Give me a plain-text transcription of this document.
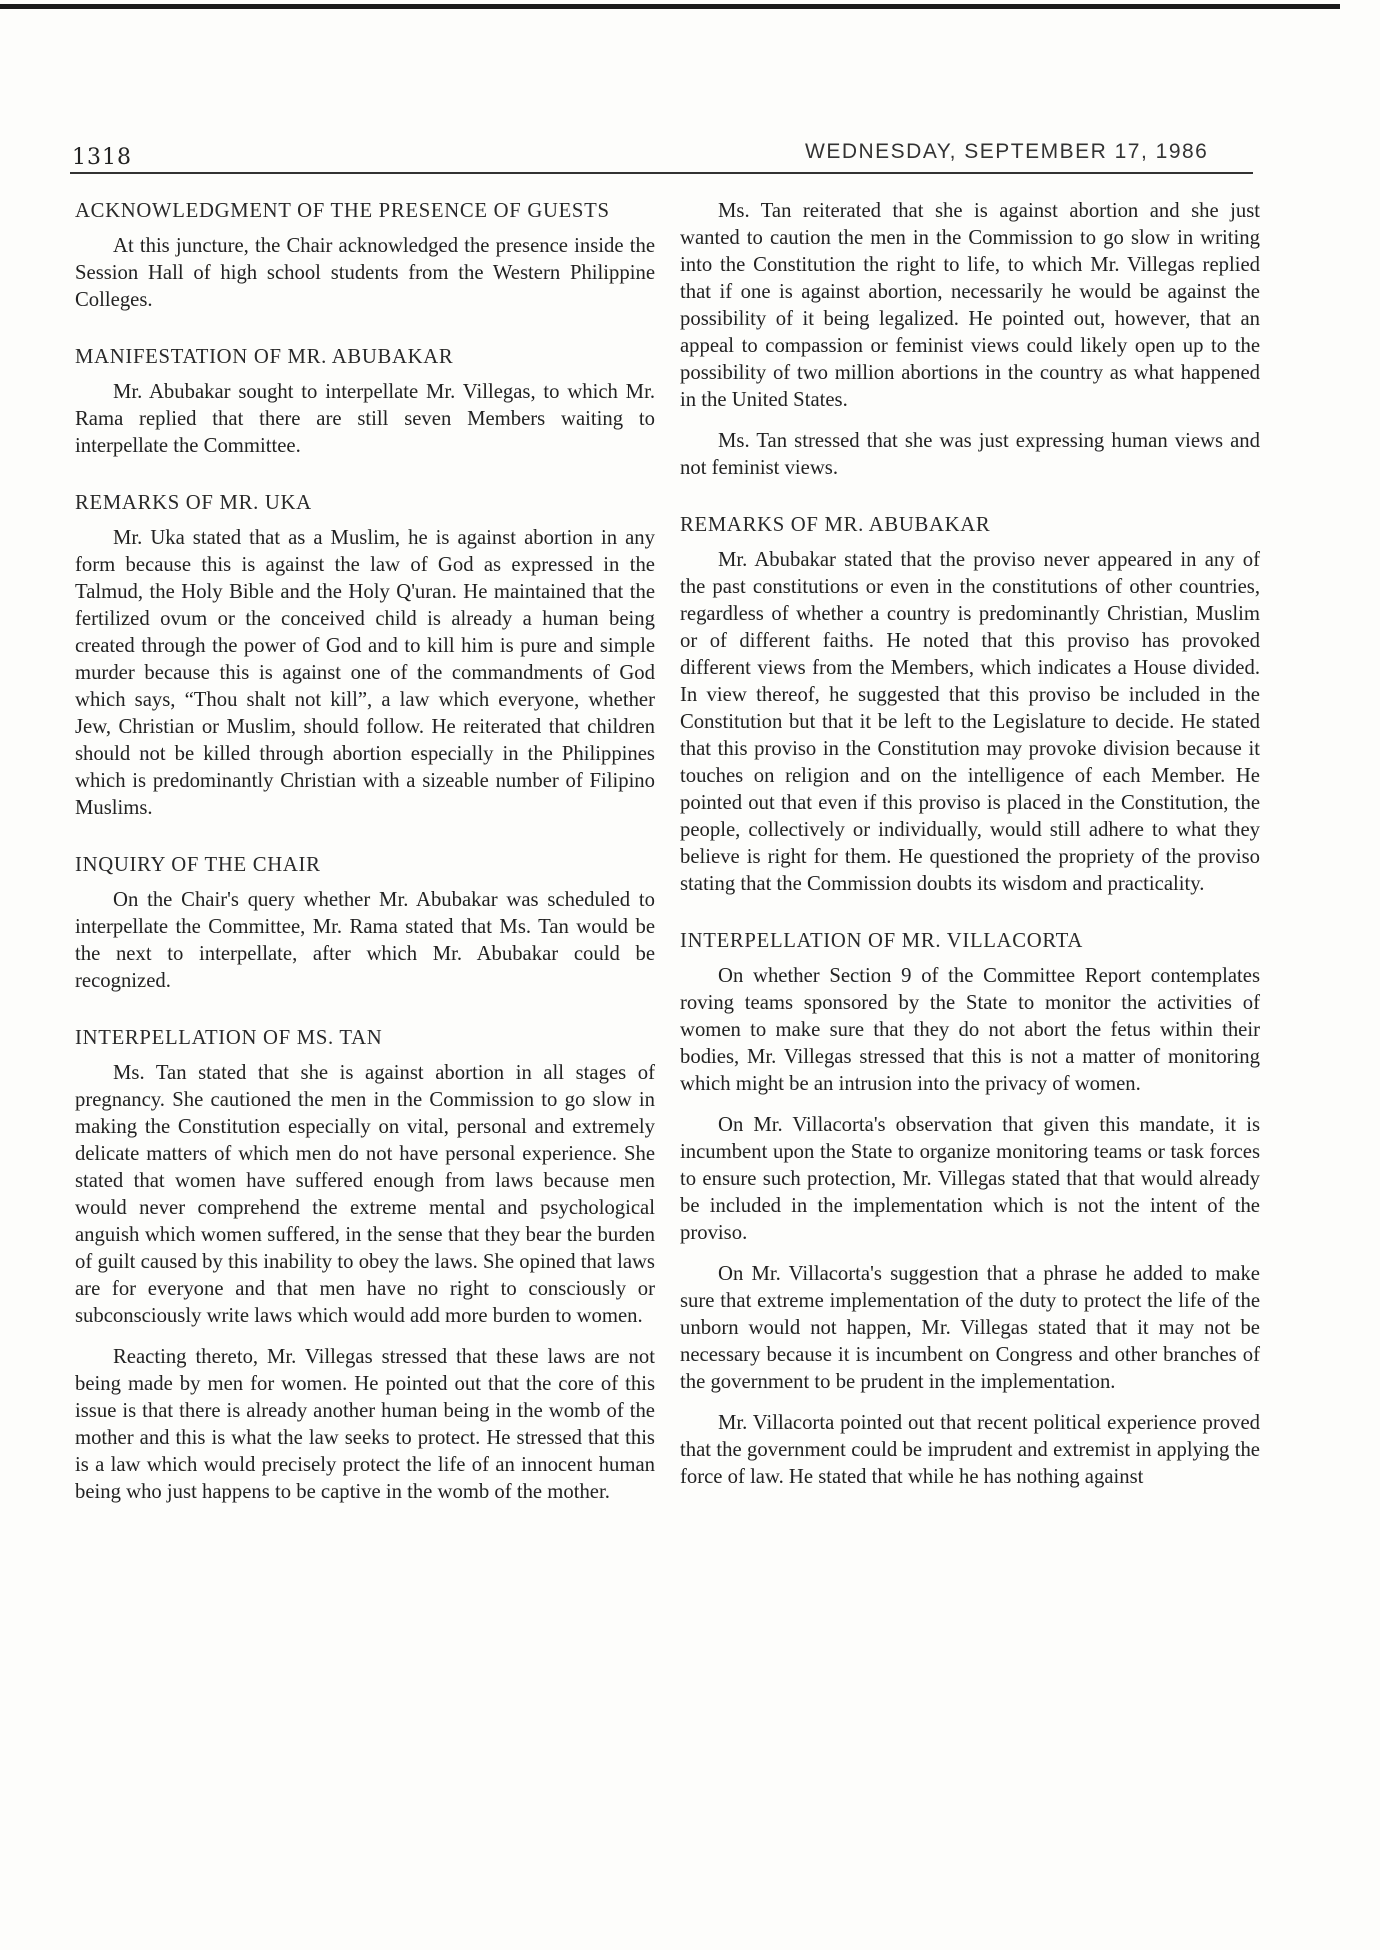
1318	WEDNESDAY, SEPTEMBER 17, 1986
ACKNOWLEDGMENT OF THE PRESENCE OF GUESTS

At this juncture, the Chair acknowledged the presence inside the Session Hall of high school students from the Western Philippine Colleges.

MANIFESTATION OF MR. ABUBAKAR

Mr. Abubakar sought to interpellate Mr. Villegas, to which Mr. Rama replied that there are still seven Members waiting to interpellate the Committee.

REMARKS OF MR. UKA

Mr. Uka stated that as a Muslim, he is against abortion in any form because this is against the law of God as expressed in the Talmud, the Holy Bible and the Holy Q'uran. He maintained that the fertilized ovum or the conceived child is already a human being created through the power of God and to kill him is pure and simple murder because this is against one of the commandments of God which says, “Thou shalt not kill”, a law which everyone, whether Jew, Christian or Muslim, should follow. He reiterated that children should not be killed through abortion especially in the Philippines which is predominantly Christian with a sizeable number of Filipino Muslims.

INQUIRY OF THE CHAIR

On the Chair's query whether Mr. Abubakar was scheduled to interpellate the Committee, Mr. Rama stated that Ms. Tan would be the next to interpellate, after which Mr. Abubakar could be recognized.

INTERPELLATION OF MS. TAN

Ms. Tan stated that she is against abortion in all stages of pregnancy. She cautioned the men in the Commission to go slow in making the Constitution especially on vital, personal and extremely delicate matters of which men do not have personal experience. She stated that women have suffered enough from laws because men would never comprehend the extreme mental and psychological anguish which women suffered, in the sense that they bear the burden of guilt caused by this inability to obey the laws. She opined that laws are for everyone and that men have no right to consciously or subconsciously write laws which would add more burden to women.

Reacting thereto, Mr. Villegas stressed that these laws are not being made by men for women. He pointed out that the core of this issue is that there is already another human being in the womb of the mother and this is what the law seeks to protect. He stressed that this is a law which would precisely protect the life of an innocent human being who just happens to be captive in the womb of the mother.

Ms. Tan reiterated that she is against abortion and she just wanted to caution the men in the Commission to go slow in writing into the Constitution the right to life, to which Mr. Villegas replied that if one is against abortion, necessarily he would be against the possibility of it being legalized. He pointed out, however, that an appeal to compassion or feminist views could likely open up to the possibility of two million abortions in the country as what happened in the United States.

Ms. Tan stressed that she was just expressing human views and not feminist views.

REMARKS OF MR. ABUBAKAR

Mr. Abubakar stated that the proviso never appeared in any of the past constitutions or even in the constitutions of other countries, regardless of whether a country is predominantly Christian, Muslim or of different faiths. He noted that this proviso has provoked different views from the Members, which indicates a House divided. In view thereof, he suggested that this proviso be included in the Constitution but that it be left to the Legislature to decide. He stated that this proviso in the Constitution may provoke division because it touches on religion and on the intelligence of each Member. He pointed out that even if this proviso is placed in the Constitution, the people, collectively or individually, would still adhere to what they believe is right for them. He questioned the propriety of the proviso stating that the Commission doubts its wisdom and practicality.

INTERPELLATION OF MR. VILLACORTA

On whether Section 9 of the Committee Report contemplates roving teams sponsored by the State to monitor the activities of women to make sure that they do not abort the fetus within their bodies, Mr. Villegas stressed that this is not a matter of monitoring which might be an intrusion into the privacy of women.

On Mr. Villacorta's observation that given this mandate, it is incumbent upon the State to organize monitoring teams or task forces to ensure such protection, Mr. Villegas stated that that would already be included in the implementation which is not the intent of the proviso.

On Mr. Villacorta's suggestion that a phrase he added to make sure that extreme implementation of the duty to protect the life of the unborn would not happen, Mr. Villegas stated that it may not be necessary because it is incumbent on Congress and other branches of the government to be prudent in the implementation.

Mr. Villacorta pointed out that recent political experience proved that the government could be imprudent and extremist in applying the force of law. He stated that while he has nothing against
